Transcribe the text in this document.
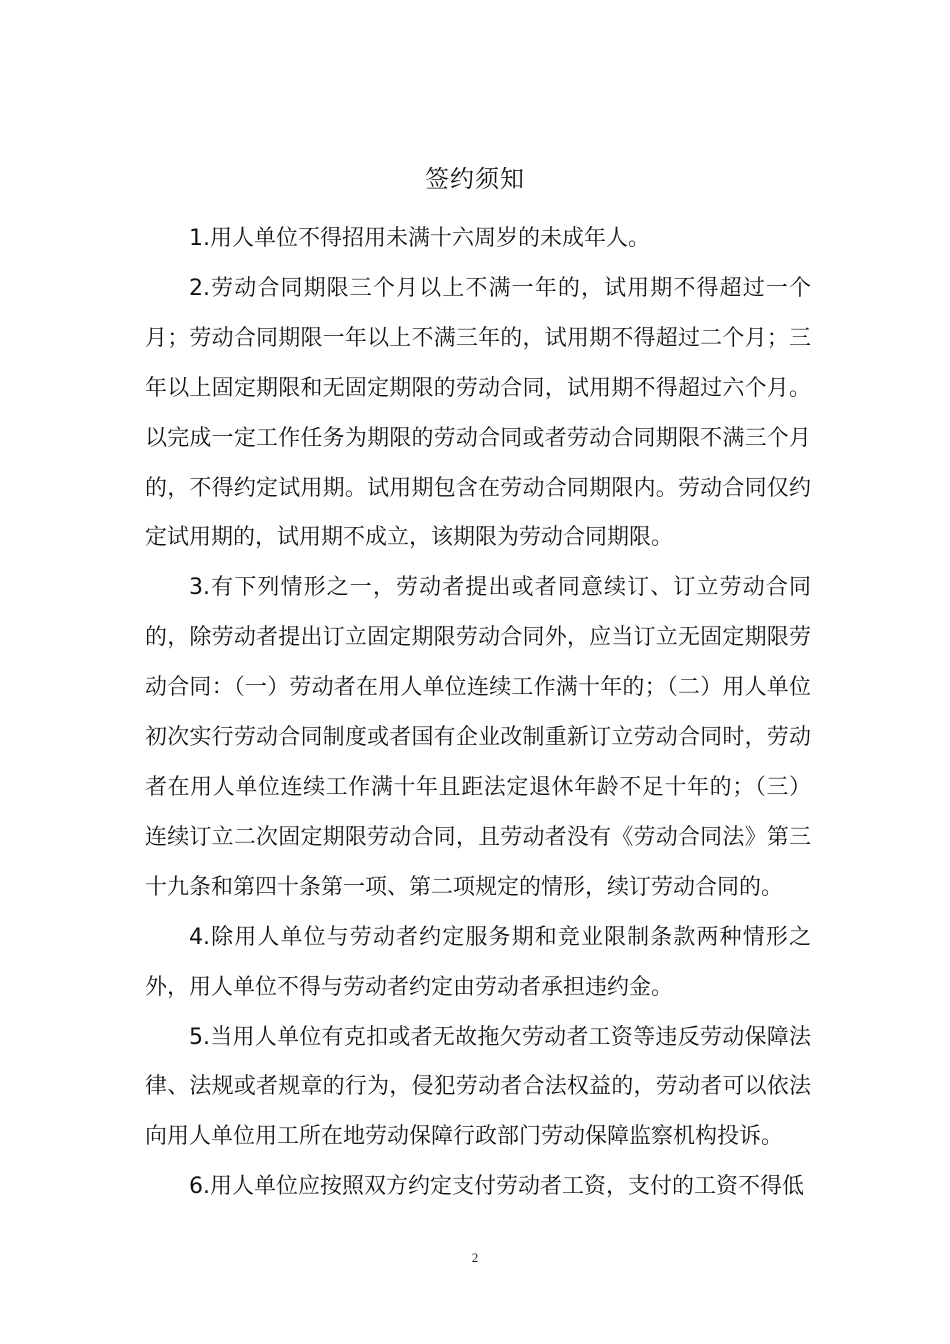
签约须知

1.用人单位不得招用未满十六周岁的未成年人。

2.劳动合同期限三个月以上不满一年的，试用期不得超过一个月；劳动合同期限一年以上不满三年的，试用期不得超过二个月；三年以上固定期限和无固定期限的劳动合同，试用期不得超过六个月。以完成一定工作任务为期限的劳动合同或者劳动合同期限不满三个月的，不得约定试用期。试用期包含在劳动合同期限内。劳动合同仅约定试用期的，试用期不成立，该期限为劳动合同期限。

3.有下列情形之一，劳动者提出或者同意续订、订立劳动合同的，除劳动者提出订立固定期限劳动合同外，应当订立无固定期限劳动合同：（一）劳动者在用人单位连续工作满十年的；（二）用人单位初次实行劳动合同制度或者国有企业改制重新订立劳动合同时，劳动者在用人单位连续工作满十年且距法定退休年龄不足十年的；（三）连续订立二次固定期限劳动合同，且劳动者没有《劳动合同法》第三十九条和第四十条第一项、第二项规定的情形，续订劳动合同的。

4.除用人单位与劳动者约定服务期和竞业限制条款两种情形之外，用人单位不得与劳动者约定由劳动者承担违约金。

5.当用人单位有克扣或者无故拖欠劳动者工资等违反劳动保障法律、法规或者规章的行为，侵犯劳动者合法权益的，劳动者可以依法向用人单位用工所在地劳动保障行政部门劳动保障监察机构投诉。

6.用人单位应按照双方约定支付劳动者工资，支付的工资不得低

2
